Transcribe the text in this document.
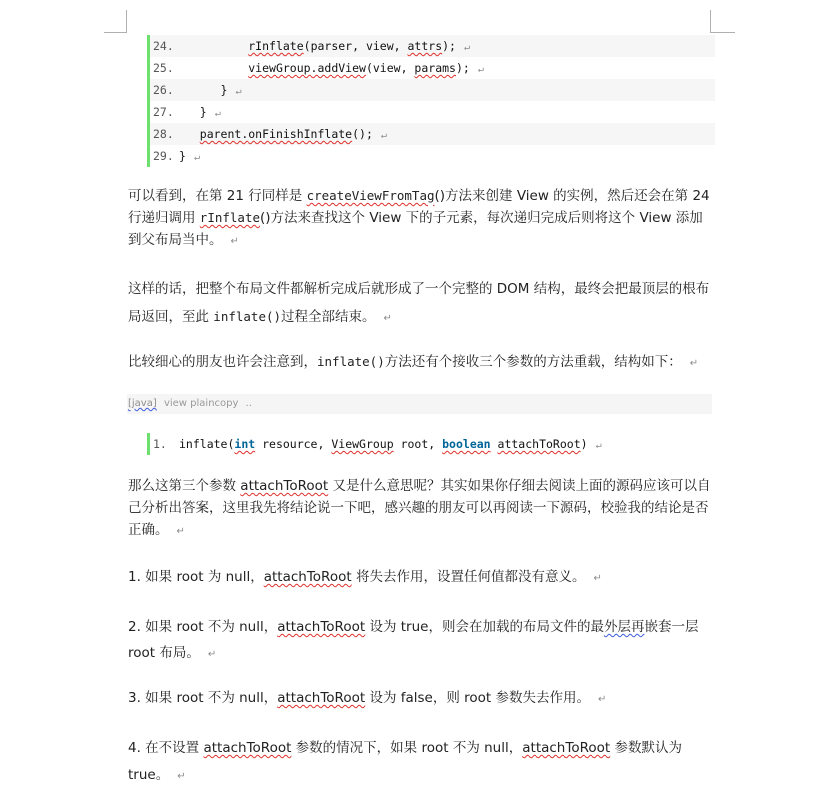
24.	rInflate(parser, view, attrs); ↵
25.	viewGroup.addView(view, params); ↵
26.      } ↵
27.   } ↵
28. parent.onFinishInflate(); ↵
29. } ↵
可以看到，在第 21 行同样是 createViewFromTag()方法来创建 View 的实例，然后还会在第 24 行递归调用 rInflate()方法来查找这个 View 下的子元素，每次递归完成后则将这个 View 添加到父布局当中。 ↵
这样的话，把整个布局文件都解析完成后就形成了一个完整的 DOM 结构，最终会把最顶层的根布局返回，至此 inflate()过程全部结束。 ↵
比较细心的朋友也许会注意到，inflate()方法还有个接收三个参数的方法重载，结构如下： ↵
[java] view plaincopy ..
1. inflate(int resource, ViewGroup root, boolean attachToRoot) ↵
那么这第三个参数 attachToRoot 又是什么意思呢？其实如果你仔细去阅读上面的源码应该可以自己分析出答案，这里我先将结论说一下吧，感兴趣的朋友可以再阅读一下源码，校验我的结论是否正确。 ↵
1. 如果 root 为 null，attachToRoot 将失去作用，设置任何值都没有意义。 ↵
2. 如果 root 不为 null，attachToRoot 设为 true，则会在加载的布局文件的最外层再嵌套一层 root 布局。 ↵
3. 如果 root 不为 null，attachToRoot 设为 false，则 root 参数失去作用。 ↵
4. 在不设置 attachToRoot 参数的情况下，如果 root 不为 null，attachToRoot 参数默认为 true。 ↵
